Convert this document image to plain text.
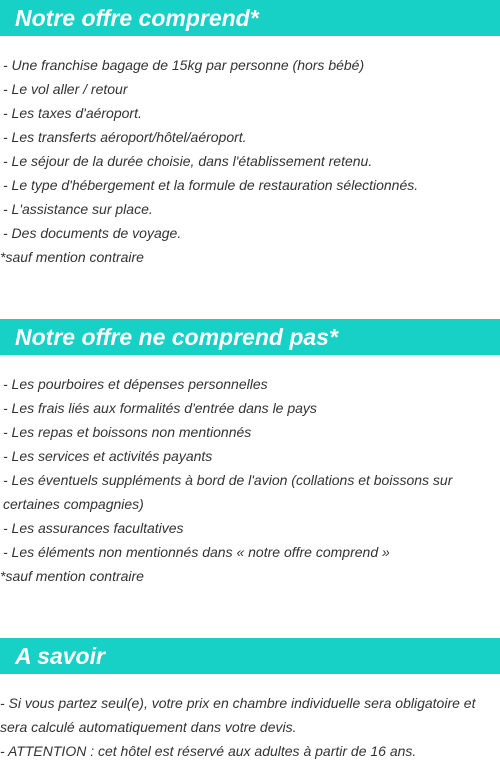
Notre offre comprend*
- Une franchise bagage de 15kg par personne (hors bébé)
- Le vol aller / retour
- Les taxes d'aéroport.
- Les transferts aéroport/hôtel/aéroport.
- Le séjour de la durée choisie, dans l'établissement retenu.
- Le type d'hébergement et la formule de restauration sélectionnés.
- L'assistance sur place.
- Des documents de voyage.
*sauf mention contraire
Notre offre ne comprend pas*
- Les pourboires et dépenses personnelles
- Les frais liés aux formalités d'entrée dans le pays
- Les repas et boissons non mentionnés
- Les services et activités payants
- Les éventuels suppléments à bord de l'avion (collations et boissons sur certaines compagnies)
- Les assurances facultatives
- Les éléments non mentionnés dans « notre offre comprend »
*sauf mention contraire
A savoir
- Si vous partez seul(e), votre prix en chambre individuelle sera obligatoire et sera calculé automatiquement dans votre devis.
- ATTENTION : cet hôtel est réservé aux adultes à partir de 16 ans.
